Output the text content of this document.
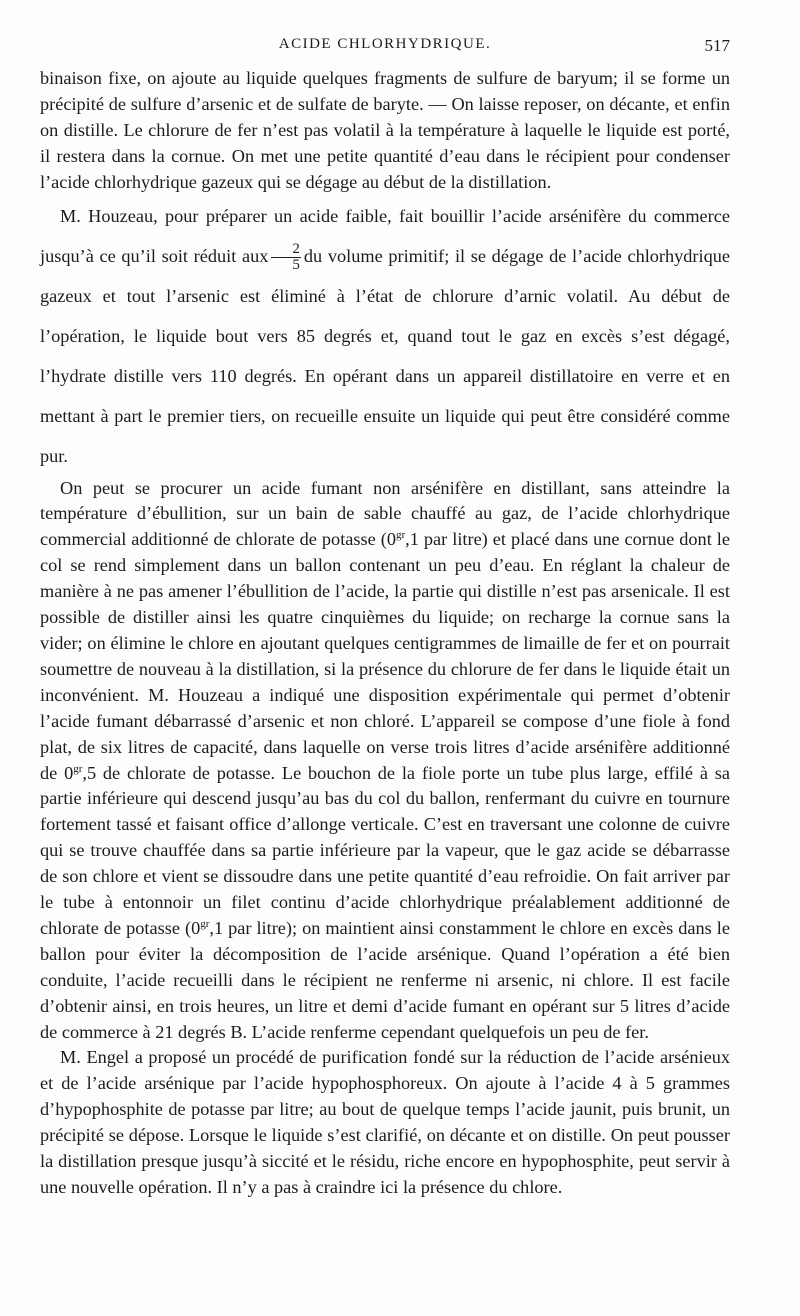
ACIDE CHLORHYDRIQUE.	517

binaison fixe, on ajoute au liquide quelques fragments de sulfure de baryum; il se forme un précipité de sulfure d’arsenic et de sulfate de baryte. — On laisse reposer, on décante, et enfin on distille. Le chlorure de fer n’est pas volatil à la température à laquelle le liquide est porté, il restera dans la cornue. On met une petite quantité d’eau dans le récipient pour condenser l’acide chlorhydrique gazeux qui se dégage au début de la distillation.

M. Houzeau, pour préparer un acide faible, fait bouillir l’acide arsénifère du commerce jusqu’à ce qu’il soit réduit aux $\frac{2}{5}$ du volume primitif; il se dégage de l’acide chlorhydrique gazeux et tout l’arsenic est éliminé à l’état de chlorure d’arnic volatil. Au début de l’opération, le liquide bout vers 85 degrés et, quand tout le gaz en excès s’est dégagé, l’hydrate distille vers 110 degrés. En opérant dans un appareil distillatoire en verre et en mettant à part le premier tiers, on recueille ensuite un liquide qui peut être considéré comme pur.

On peut se procurer un acide fumant non arsénifère en distillant, sans atteindre la température d’ébullition, sur un bain de sable chauffé au gaz, de l’acide chlorhydrique commercial additionné de chlorate de potasse ($0^{gr},1$ par litre) et placé dans une cornue dont le col se rend simplement dans un ballon contenant un peu d’eau. En réglant la chaleur de manière à ne pas amener l’ébullition de l’acide, la partie qui distille n’est pas arsenicale. Il est possible de distiller ainsi les quatre cinquièmes du liquide; on recharge la cornue sans la vider; on élimine le chlore en ajoutant quelques centigrammes de limaille de fer et on pourrait soumettre de nouveau à la distillation, si la présence du chlorure de fer dans le liquide était un inconvénient. M. Houzeau a indiqué une disposition expérimentale qui permet d’obtenir l’acide fumant débarrassé d’arsenic et non chloré. L’appareil se compose d’une fiole à fond plat, de six litres de capacité, dans laquelle on verse trois litres d’acide arsénifère additionné de $0^{gr},5$ de chlorate de potasse. Le bouchon de la fiole porte un tube plus large, effilé à sa partie inférieure qui descend jusqu’au bas du col du ballon, renfermant du cuivre en tournure fortement tassé et faisant office d’allonge verticale. C’est en traversant une colonne de cuivre qui se trouve chauffée dans sa partie inférieure par la vapeur, que le gaz acide se débarrasse de son chlore et vient se dissoudre dans une petite quantité d’eau refroidie. On fait arriver par le tube à entonnoir un filet continu d’acide chlorhydrique préalablement additionné de chlorate de potasse ($0^{gr},1$ par litre); on maintient ainsi constamment le chlore en excès dans le ballon pour éviter la décomposition de l’acide arsénique. Quand l’opération a été bien conduite, l’acide recueilli dans le récipient ne renferme ni arsenic, ni chlore. Il est facile d’obtenir ainsi, en trois heures, un litre et demi d’acide fumant en opérant sur 5 litres d’acide de commerce à 21 degrés B. L’acide renferme cependant quelquefois un peu de fer.

M. Engel a proposé un procédé de purification fondé sur la réduction de l’acide arsénieux et de l’acide arsénique par l’acide hypophosphoreux. On ajoute à l’acide 4 à 5 grammes d’hypophosphite de potasse par litre; au bout de quelque temps l’acide jaunit, puis brunit, un précipité se dépose. Lorsque le liquide s’est clarifié, on décante et on distille. On peut pousser la distillation presque jusqu’à siccité et le résidu, riche encore en hypophosphite, peut servir à une nouvelle opération. Il n’y a pas à craindre ici la présence du chlore.
